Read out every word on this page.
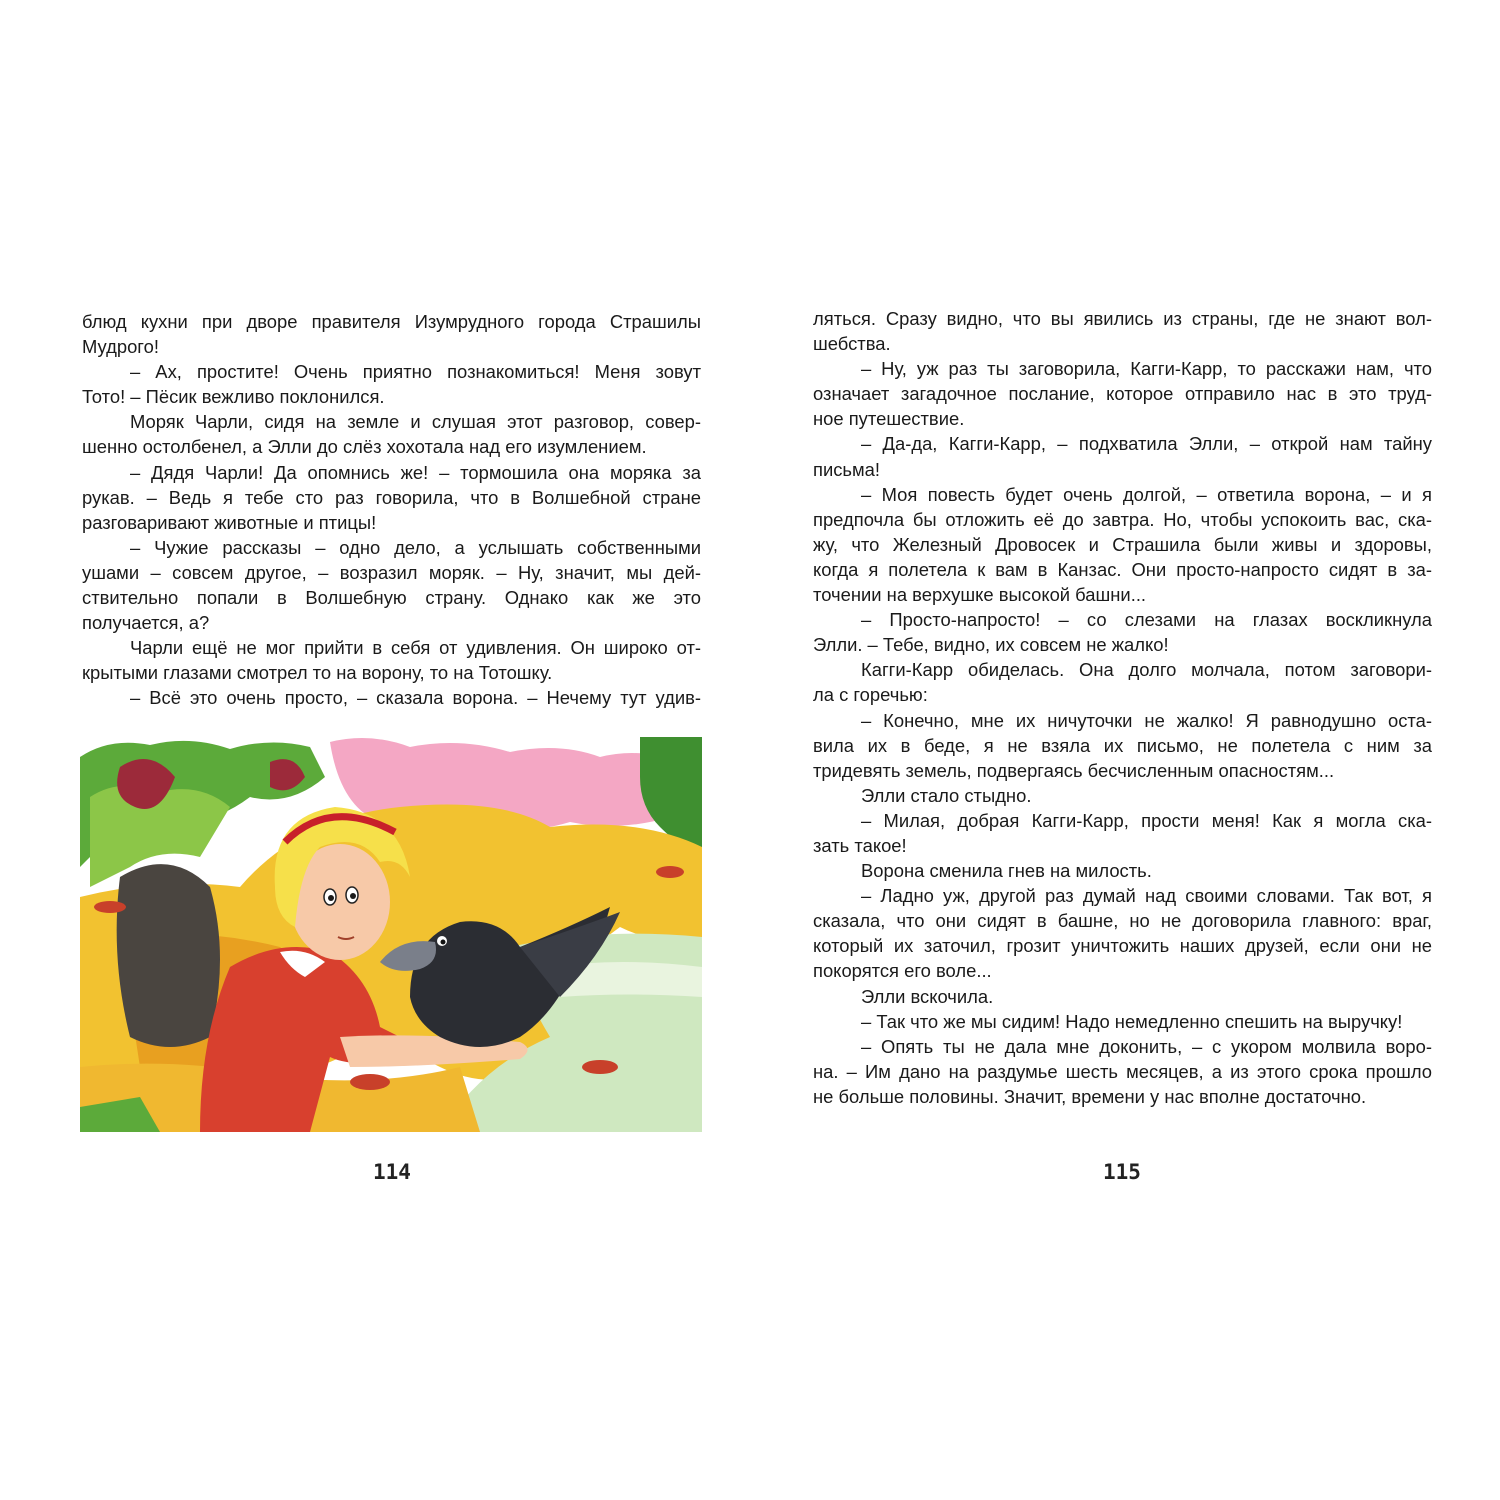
блюд кухни при дворе правителя Изумрудного города Страшилы
Мудрого!
– Ах, простите! Очень приятно познакомиться! Меня зовут
Тото! – Пёсик вежливо поклонился.
Моряк Чарли, сидя на земле и слушая этот разговор, совер-
шенно остолбенел, а Элли до слёз хохотала над его изумлением.
– Дядя Чарли! Да опомнись же! – тормошила она моряка за
рукав. – Ведь я тебе сто раз говорила, что в Волшебной стране
разговаривают животные и птицы!
– Чужие рассказы – одно дело, а услышать собственными
ушами – совсем другое, – возразил моряк. – Ну, значит, мы дей-
ствительно попали в Волшебную страну. Однако как же это
получается, а?
Чарли ещё не мог прийти в себя от удивления. Он широко от-
крытыми глазами смотрел то на ворону, то на Тотошку.
– Всё это очень просто, – сказала ворона. – Нечему тут удив-
114
ляться. Сразу видно, что вы явились из страны, где не знают вол-
шебства.
– Ну, уж раз ты заговорила, Кагги-Карр, то расскажи нам, что
означает загадочное послание, которое отправило нас в это труд-
ное путешествие.
– Да-да, Кагги-Карр, – подхватила Элли, – открой нам тайну
письма!
– Моя повесть будет очень долгой, – ответила ворона, – и я
предпочла бы отложить её до завтра. Но, чтобы успокоить вас, ска-
жу, что Железный Дровосек и Страшила были живы и здоровы,
когда я полетела к вам в Канзас. Они просто-напросто сидят в за-
точении на верхушке высокой башни...
– Просто-напросто! – со слезами на глазах воскликнула
Элли. – Тебе, видно, их совсем не жалко!
Кагги-Карр обиделась. Она долго молчала, потом заговори-
ла с горечью:
– Конечно, мне их ничуточки не жалко! Я равнодушно оста-
вила их в беде, я не взяла их письмо, не полетела с ним за
тридевять земель, подвергаясь бесчисленным опасностям...
Элли стало стыдно.
– Милая, добрая Кагги-Карр, прости меня! Как я могла ска-
зать такое!
Ворона сменила гнев на милость.
– Ладно уж, другой раз думай над своими словами. Так вот, я
сказала, что они сидят в башне, но не договорила главного: враг,
который их заточил, грозит уничтожить наших друзей, если они не
покорятся его воле...
Элли вскочила.
– Так что же мы сидим! Надо немедленно спешить на выручку!
– Опять ты не дала мне доконить, – с укором молвила воро-
на. – Им дано на раздумье шесть месяцев, а из этого срока прошло
не больше половины. Значит, времени у нас вполне достаточно.
115
